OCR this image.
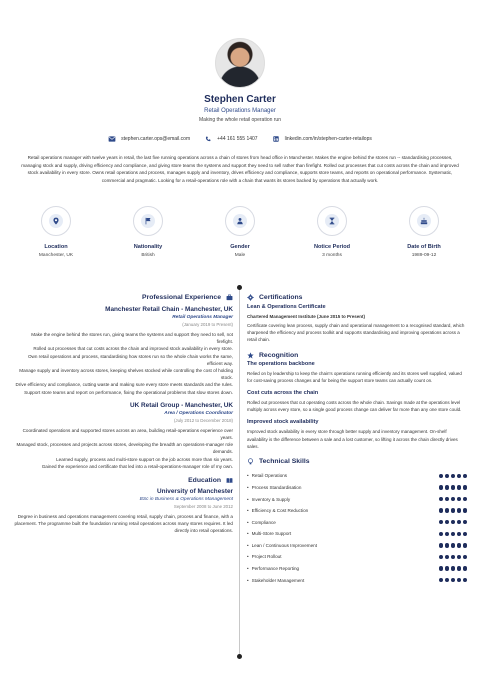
Stephen Carter
Retail Operations Manager
Making the whole retail operation run
stephen.carter.ops@email.com	+44 161 555 1407	linkedin.com/in/stephen-carter-retailops
Retail operations manager with twelve years in retail, the last five running operations across a chain of stores from head office in Manchester. Makes the engine behind the stores run -- standardising processes, managing stock and supply, driving efficiency and compliance, and giving store teams the systems and support they need to sell rather than firefight. Rolled out processes that cut costs across the chain and improved stock availability in every store. Owns retail operations and process, manages supply and inventory, drives efficiency and compliance, supports store teams, and reports on operational performance. Systematic, commercial and pragmatic. Looking for a retail-operations role with a chain that wants its stores backed by operations that actually work.
Location
Manchester, UK
Nationality
British
Gender
Male
Notice Period
3 months
Date of Birth
1989-09-12
Professional Experience
Manchester Retail Chain - Manchester, UK
Retail Operations Manager
(January 2019 to Present)
Make the engine behind the stores run, giving teams the systems and support they need to sell, not firefight.
Rolled out processes that cut costs across the chain and improved stock availability in every store.
Own retail operations and process, standardising how stores run so the whole chain works the same, efficient way.
Manage supply and inventory across stores, keeping shelves stocked while controlling the cost of holding stock.
Drive efficiency and compliance, cutting waste and making sure every store meets standards and the rules.
Support store teams and report on performance, fixing the operational problems that slow stores down.
UK Retail Group - Manchester, UK
Area / Operations Coordinator
(July 2012 to December 2018)
Coordinated operations and supported stores across an area, building retail-operations experience over years.
Managed stock, processes and projects across stores, developing the breadth an operations-manager role demands.
Learned supply, process and multi-store support on the job across more than six years.
Gained the experience and certificate that led into a retail-operations-manager role of my own.
Education
University of Manchester
BSc in Business & Operations Management
September 2008 to June 2012
Degree in business and operations management covering retail, supply chain, process and finance, with a placement. The programme built the foundation running retail operations across many stores requires. It led directly into retail operations.
Certifications
Lean & Operations Certificate
Chartered Management Institute (June 2015 to Present)
Certificate covering lean process, supply chain and operational management to a recognised standard, which sharpened the efficiency and process toolkit and supports standardising and improving operations across a retail chain.
Recognition
The operations backbone
Relied on by leadership to keep the chain's operations running efficiently and its stores well supplied, valued for cost-saving process changes and for being the support store teams can actually count on.
Cost cuts across the chain
Rolled out processes that cut operating costs across the whole chain. Savings made at the operations level multiply across every store, so a single good process change can deliver far more than any one store could.
Improved stock availability
Improved stock availability in every store through better supply and inventory management. On-shelf availability is the difference between a sale and a lost customer, so lifting it across the chain directly drives sales.
Technical Skills
• Retail Operations
• Process Standardisation
• Inventory & Supply
• Efficiency & Cost Reduction
• Compliance
• Multi-Store Support
• Lean / Continuous Improvement
• Project Rollout
• Performance Reporting
• Stakeholder Management
